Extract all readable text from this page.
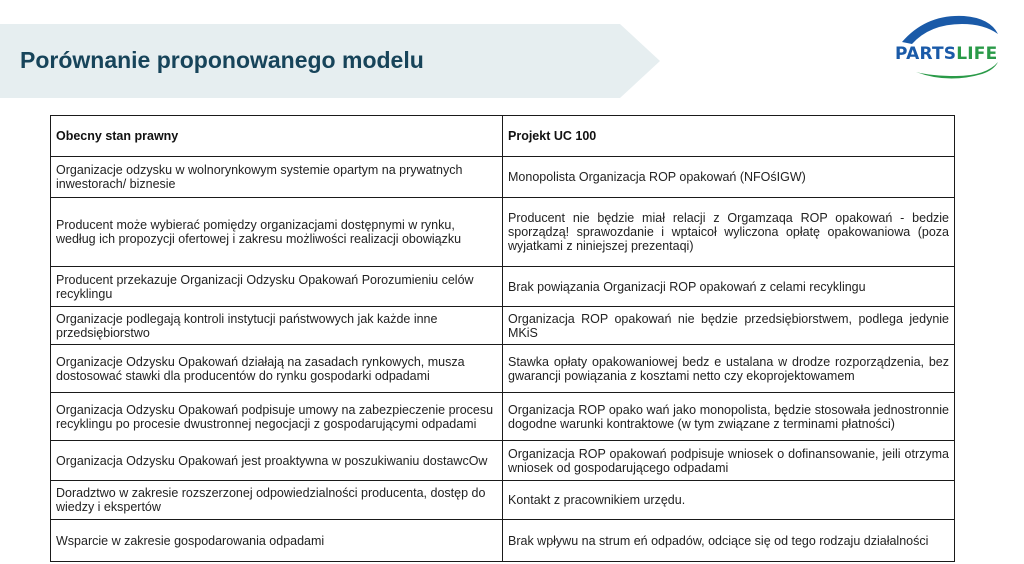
Porównanie proponowanego modelu	PARTSLIFE
Obecny stan prawny	Projekt UC 100
Organizacje odzysku w wolnorynkowym systemie opartym na prywatnych inwestorach/ biznesie	Monopolista Organizacja ROP opakowań (NFOśIGW)
Producent może wybierać pomiędzy organizacjami dostępnymi w rynku, według ich propozycji ofertowej i zakresu możliwości realizacji obowiązku	Producent nie będzie miał relacji z Orgamzaqa ROP opakowań - bedzie sporządzą! sprawozdanie i wptaicoł wyliczona opłatę opakowaniowa (poza wyjatkami z niniejszej prezentaqi)
Producent przekazuje Organizacji Odzysku Opakowań Porozumieniu celów recyklingu	Brak powiązania Organizacji ROP opakowań z celami recyklingu
Organizacje podlegają kontroli instytucji państwowych jak każde inne przedsiębiorstwo	Organizacja ROP opakowań nie będzie przedsiębiorstwem, podlega jedynie MKiS
Organizacje Odzysku Opakowań działają na zasadach rynkowych, musza dostosować stawki dla producentów do rynku gospodarki odpadami	Stawka opłaty opakowaniowej bedz e ustalana w drodze rozporządzenia, bez gwarancji powiązania z kosztami netto czy ekoprojektowamem
Organizacja Odzysku Opakowań podpisuje umowy na zabezpieczenie procesu recyklingu po procesie dwustronnej negocjacji z gospodarującymi odpadami	Organizacja ROP opako wań jako monopolista, będzie stosowała jednostronnie dogodne warunki kontraktowe (w tym związane z terminami płatności)
Organizacja Odzysku Opakowań jest proaktywna w poszukiwaniu dostawcOw	Organizacja ROP opakowań podpisuje wniosek o dofinansowanie, jeili otrzyma wniosek od gospodarującego odpadami
Doradztwo w zakresie rozszerzonej odpowiedzialności producenta, dostęp do wiedzy i ekspertów	Kontakt z pracownikiem urzędu.
Wsparcie w zakresie gospodarowania odpadami	Brak wpływu na strum eń odpadów, odciące się od tego rodzaju działalności
